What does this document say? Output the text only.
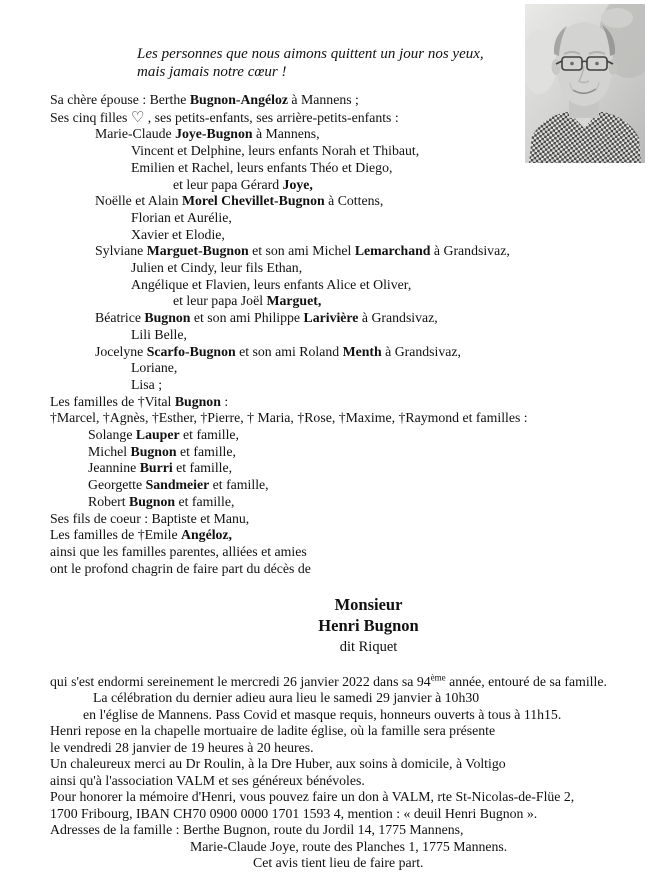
Les personnes que nous aimons quittent un jour nos yeux,
mais jamais notre cœur !
Sa chère épouse : Berthe Bugnon-Angéloz à Mannens ;
Ses cinq filles ♡ , ses petits-enfants, ses arrière-petits-enfants :
Marie-Claude Joye-Bugnon à Mannens,
Vincent et Delphine, leurs enfants Norah et Thibaut,
Emilien et Rachel, leurs enfants Théo et Diego,
et leur papa Gérard Joye,
Noëlle et Alain Morel Chevillet-Bugnon à Cottens,
Florian et Aurélie,
Xavier et Elodie,
Sylviane Marguet-Bugnon et son ami Michel Lemarchand à Grandsivaz,
Julien et Cindy, leur fils Ethan,
Angélique et Flavien, leurs enfants Alice et Oliver,
et leur papa Joël Marguet,
Béatrice Bugnon et son ami Philippe Larivière à Grandsivaz,
Lili Belle,
Jocelyne Scarfo-Bugnon et son ami Roland Menth à Grandsivaz,
Loriane,
Lisa ;
Les familles de †Vital Bugnon :
†Marcel, †Agnès, †Esther, †Pierre, † Maria, †Rose, †Maxime, †Raymond et familles :
Solange Lauper et famille,
Michel Bugnon et famille,
Jeannine Burri et famille,
Georgette Sandmeier et famille,
Robert Bugnon et famille,
Ses fils de coeur : Baptiste et Manu,
Les familles de †Emile Angéloz,
ainsi que les familles parentes, alliées et amies
ont le profond chagrin de faire part du décès de
Monsieur
Henri Bugnon
dit Riquet
qui s'est endormi sereinement le mercredi 26 janvier 2022 dans sa 94ème année, entouré de sa famille.
La célébration du dernier adieu aura lieu le samedi 29 janvier à 10h30
en l'église de Mannens. Pass Covid et masque requis, honneurs ouverts à tous à 11h15.
Henri repose en la chapelle mortuaire de ladite église, où la famille sera présente
le vendredi 28 janvier de 19 heures à 20 heures.
Un chaleureux merci au Dr Roulin, à la Dre Huber, aux soins à domicile, à Voltigo
ainsi qu'à l'association VALM et ses généreux bénévoles.
Pour honorer la mémoire d'Henri, vous pouvez faire un don à VALM, rte St-Nicolas-de-Flüe 2,
1700 Fribourg, IBAN CH70 0900 0000 1701 1593 4, mention : « deuil Henri Bugnon ».
Adresses de la famille : Berthe Bugnon, route du Jordil 14, 1775 Mannens,
Marie-Claude Joye, route des Planches 1, 1775 Mannens.
Cet avis tient lieu de faire part.
